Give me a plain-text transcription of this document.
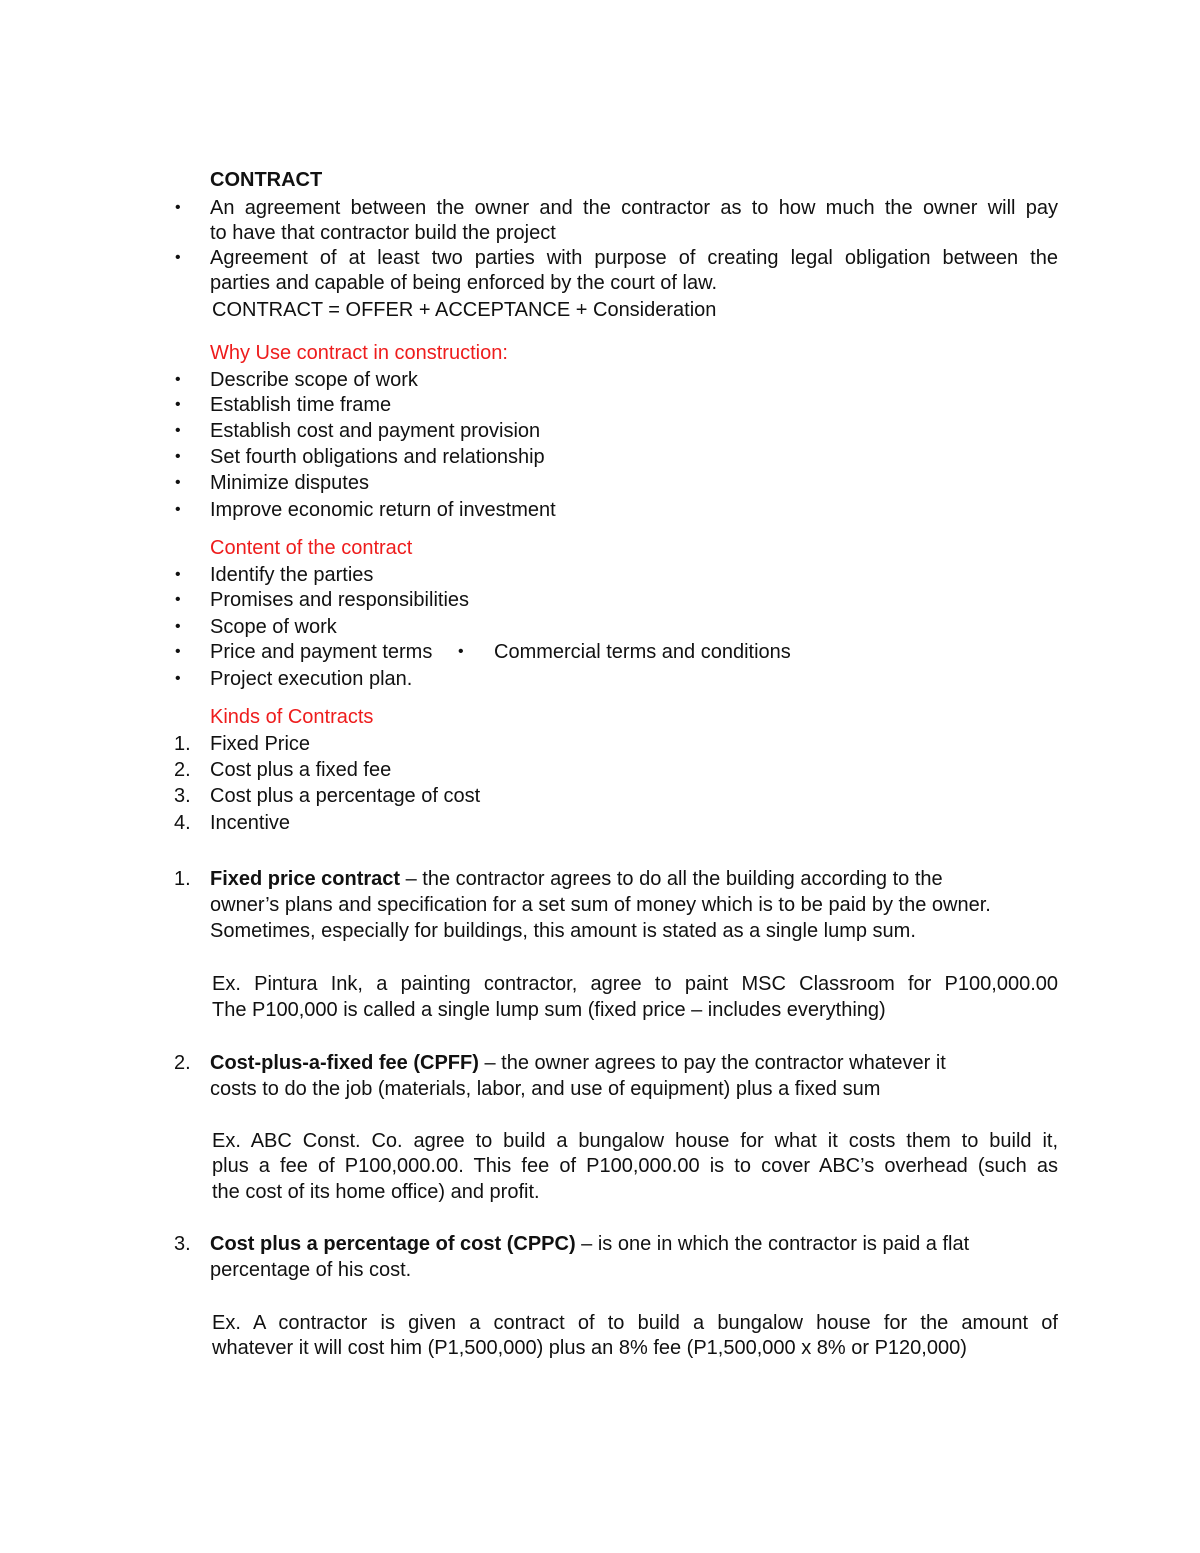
CONTRACT
• An agreement between the owner and the contractor as to how much the owner will pay
to have that contractor build the project
• Agreement of at least two parties with purpose of creating legal obligation between the
parties and capable of being enforced by the court of law.
CONTRACT = OFFER + ACCEPTANCE + Consideration
Why Use contract in construction:
• Describe scope of work
• Establish time frame
• Establish cost and payment provision
• Set fourth obligations and relationship
• Minimize disputes
• Improve economic return of investment
Content of the contract
• Identify the parties
• Promises and responsibilities
• Scope of work
• Price and payment terms • Commercial terms and conditions
• Project execution plan.
Kinds of Contracts
1. Fixed Price
2. Cost plus a fixed fee
3. Cost plus a percentage of cost
4. Incentive
1. Fixed price contract – the contractor agrees to do all the building according to the
owner’s plans and specification for a set sum of money which is to be paid by the owner.
Sometimes, especially for buildings, this amount is stated as a single lump sum.
Ex. Pintura Ink, a painting contractor, agree to paint MSC Classroom for P100,000.00
The P100,000 is called a single lump sum (fixed price – includes everything)
2. Cost-plus-a-fixed fee (CPFF) – the owner agrees to pay the contractor whatever it
costs to do the job (materials, labor, and use of equipment) plus a fixed sum
Ex. ABC Const. Co. agree to build a bungalow house for what it costs them to build it,
plus a fee of P100,000.00. This fee of P100,000.00 is to cover ABC’s overhead (such as
the cost of its home office) and profit.
3. Cost plus a percentage of cost (CPPC) – is one in which the contractor is paid a flat
percentage of his cost.
Ex. A contractor is given a contract of to build a bungalow house for the amount of
whatever it will cost him (P1,500,000) plus an 8% fee (P1,500,000 x 8% or P120,000)
